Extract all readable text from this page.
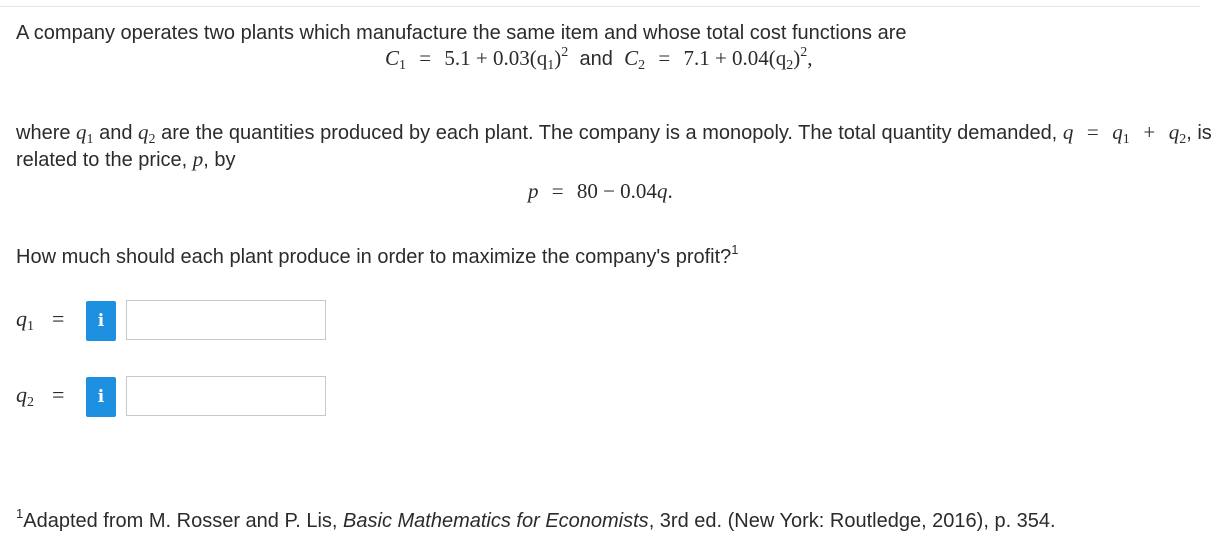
A company operates two plants which manufacture the same item and whose total cost functions are
$C1 = 5.1 + 0.03(q1)^2$ and $C2 = 7.1 + 0.04(q2)^2$,
where $q_1$ and $q_2$ are the quantities produced by each plant. The company is a monopoly. The total quantity demanded, $q = q_1 + q_2$, is
related to the price, p, by
p = 80 − 0.04q.
How much should each plant produce in order to maximize the company's profit?$^1$
q1 = i
q2 = i
$^1$Adapted from M. Rosser and P. Lis, Basic Mathematics for Economists, 3rd ed. (New York: Routledge, 2016), p. 354.
